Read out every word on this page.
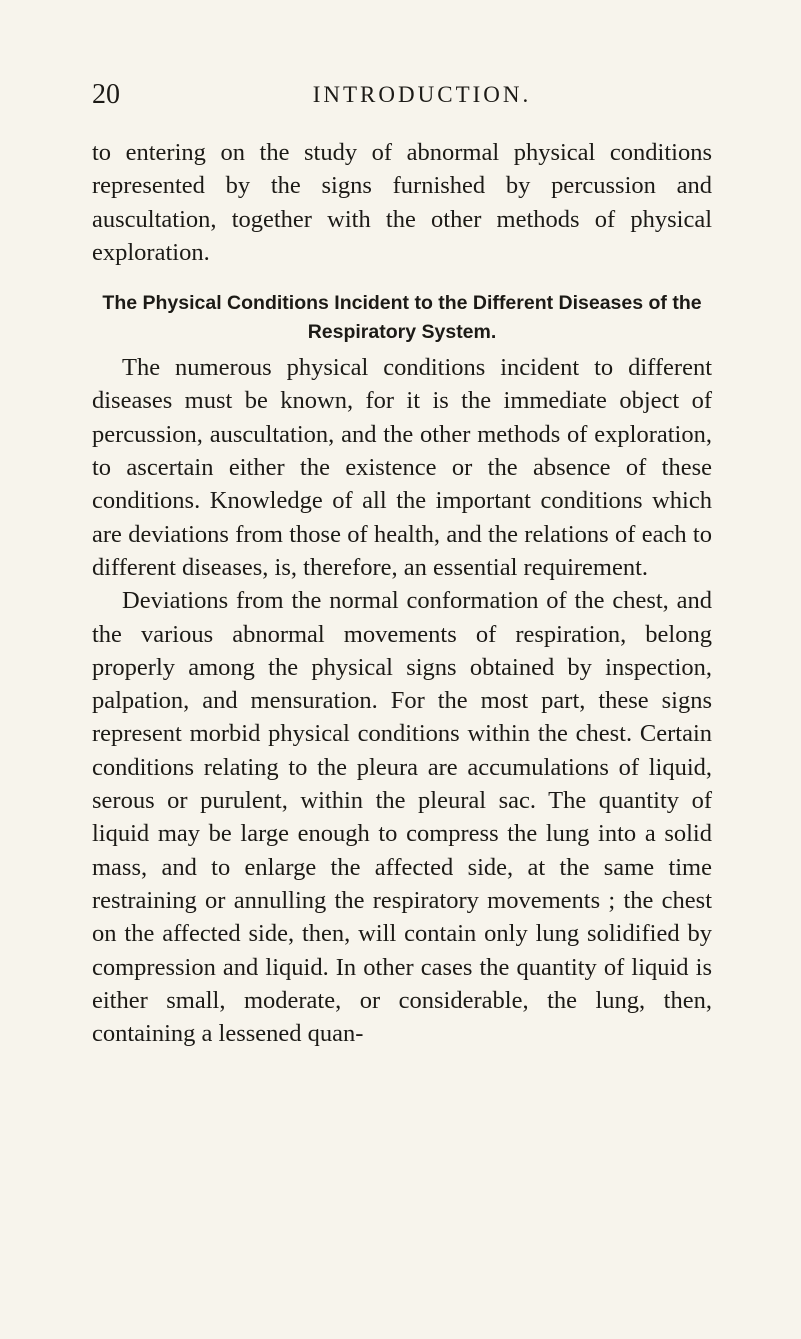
20	INTRODUCTION.

to entering on the study of abnormal physical conditions represented by the signs furnished by percussion and auscultation, together with the other methods of physical exploration.

The Physical Conditions Incident to the Different Diseases of the Respiratory System.

The numerous physical conditions incident to different diseases must be known, for it is the immediate object of percussion, auscultation, and the other methods of exploration, to ascertain either the existence or the absence of these conditions. Knowledge of all the important conditions which are deviations from those of health, and the relations of each to different diseases, is, therefore, an essential requirement.

Deviations from the normal conformation of the chest, and the various abnormal movements of respiration, belong properly among the physical signs obtained by inspection, palpation, and mensuration. For the most part, these signs represent morbid physical conditions within the chest. Certain conditions relating to the pleura are accumulations of liquid, serous or purulent, within the pleural sac. The quantity of liquid may be large enough to compress the lung into a solid mass, and to enlarge the affected side, at the same time restraining or annulling the respiratory movements ; the chest on the affected side, then, will contain only lung solidified by compression and liquid. In other cases the quantity of liquid is either small, moderate, or considerable, the lung, then, containing a lessened quan-
